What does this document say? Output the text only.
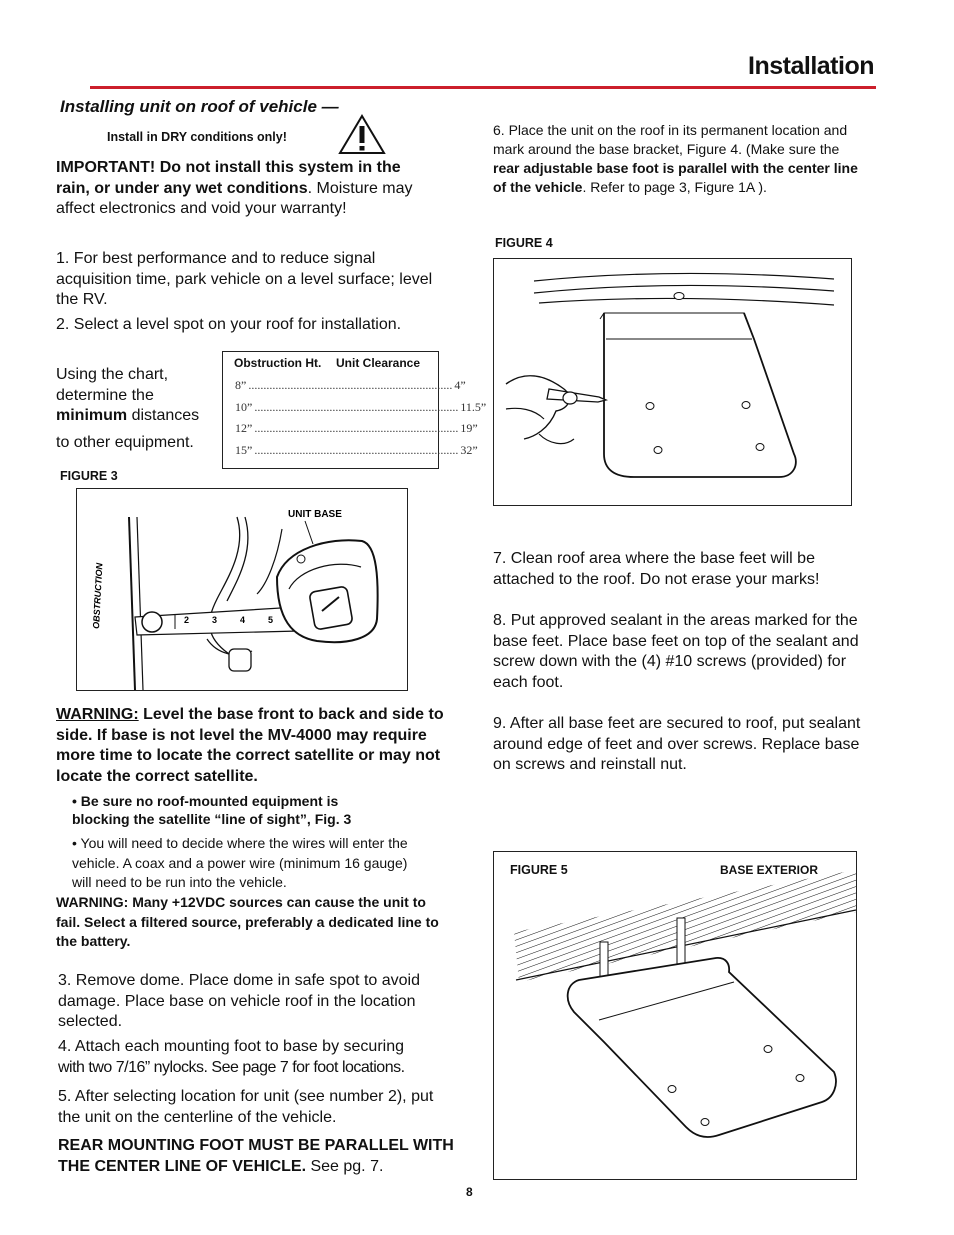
Installation
Installing unit on roof of vehicle —
Install in DRY conditions only!
IMPORTANT! Do not install this system in the rain, or under any wet conditions. Moisture may affect electronics and void your warranty!
1. For best performance and to reduce signal acquisition time, park vehicle on a level surface; level the RV.
2. Select a level spot on your roof for installation.
Using the chart, determine the minimum distances
to other equipment.
Obstruction Ht. Unit Clearance
8” .................................................................... 4”
10” .................................................................... 11.5”
12” .................................................................... 19”
15” .................................................................... 32”
FIGURE 3
OBSTRUCTION	2	3	4	5
UNIT BASE
WARNING: Level the base front to back and side to side. If base is not level the MV-4000 may require more time to locate the correct satellite or may not locate the correct satellite.
• Be sure no roof-mounted equipment is blocking the satellite “line of sight”, Fig. 3
• You will need to decide where the wires will enter the vehicle. A coax and a power wire (minimum 16 gauge) will need to be run into the vehicle.
WARNING: Many +12VDC sources can cause the unit to fail. Select a filtered source, preferably a dedicated line to the battery.
3. Remove dome. Place dome in safe spot to avoid damage. Place base on vehicle roof in the location selected.
4. Attach each mounting foot to base by securing
with two 7/16” nylocks. See page 7 for foot locations.
5. After selecting location for unit (see number 2), put the unit on the centerline of the vehicle.
REAR MOUNTING FOOT MUST BE PARALLEL WITH THE CENTER LINE OF VEHICLE. See pg. 7.
6. Place the unit on the roof in its permanent location and mark around the base bracket, Figure 4. (Make sure the rear adjustable base foot is parallel with the center line of the vehicle. Refer to page 3, Figure 1A ).
FIGURE 4
7. Clean roof area where the base feet will be attached to the roof. Do not erase your marks!
8. Put approved sealant in the areas marked for the base feet. Place base feet on top of the sealant and screw down with the (4) #10 screws (provided) for each foot.
9. After all base feet are secured to roof, put sealant around edge of feet and over screws. Replace base on screws and reinstall nut.
FIGURE 5	BASE EXTERIOR
8
